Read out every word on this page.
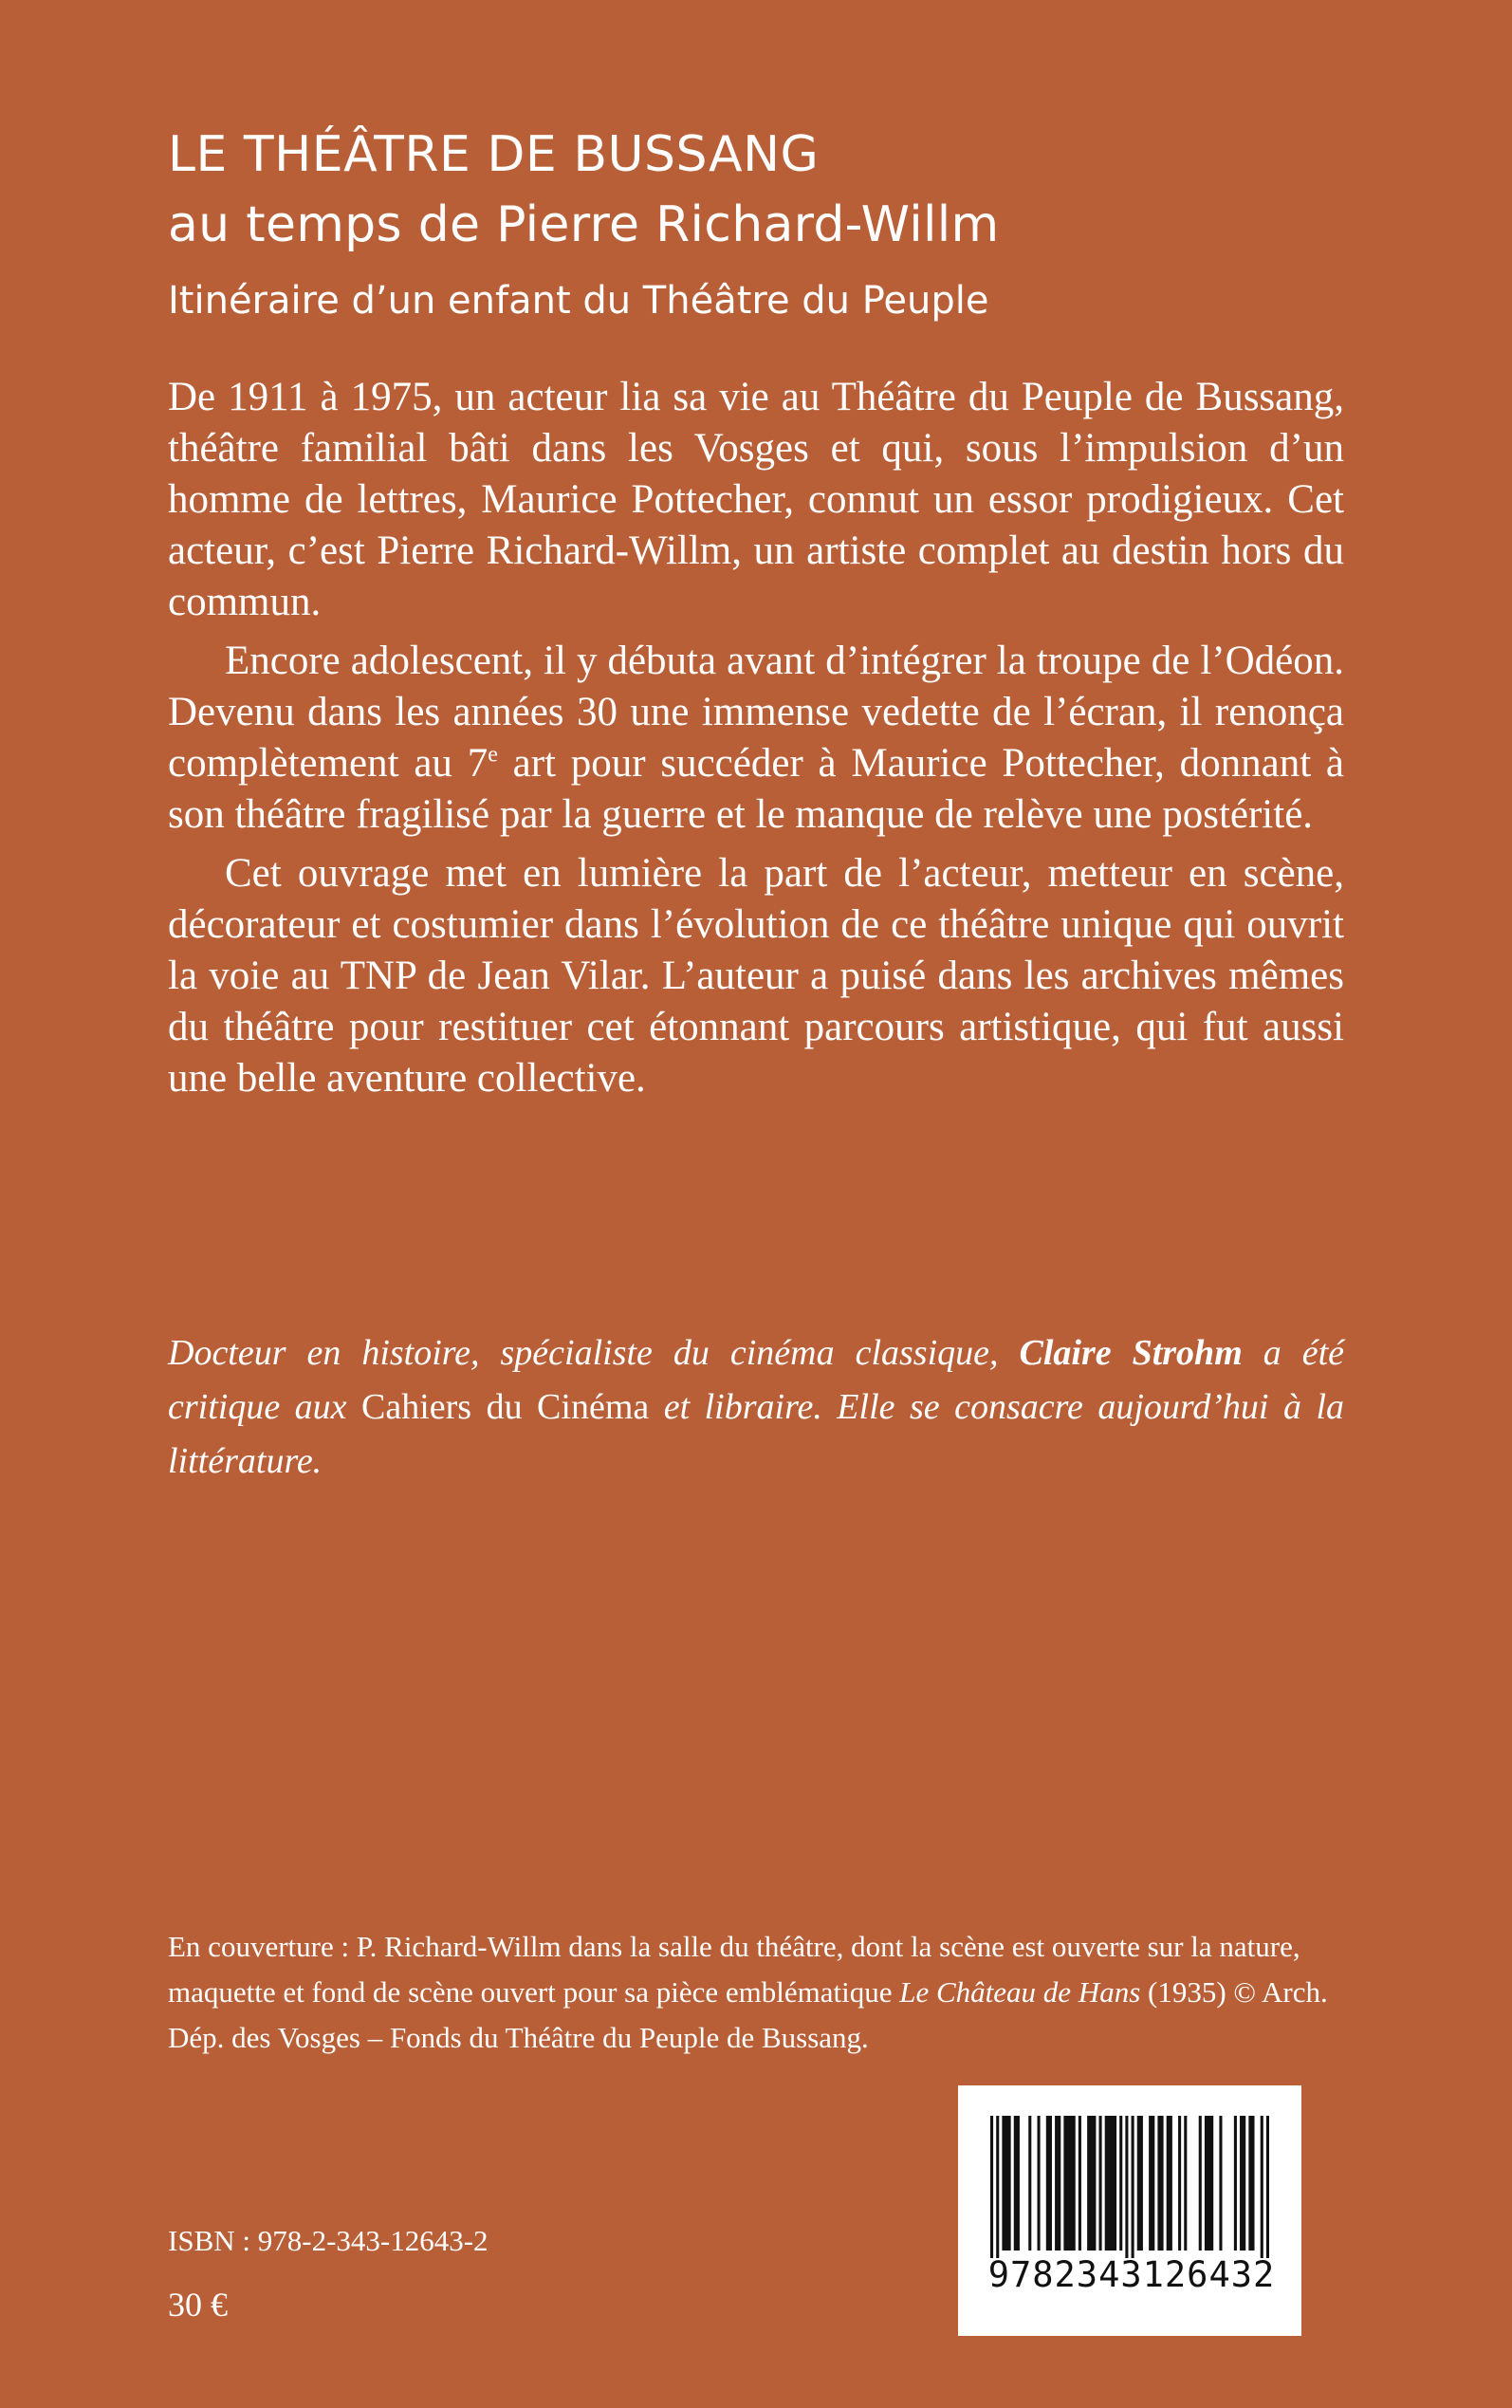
LE THÉÂTRE DE BUSSANG
au temps de Pierre Richard-Willm
Itinéraire d’un enfant du Théâtre du Peuple

De 1911 à 1975, un acteur lia sa vie au Théâtre du Peuple de Bussang, théâtre familial bâti dans les Vosges et qui, sous l’impulsion d’un homme de lettres, Maurice Pottecher, connut un essor prodigieux. Cet acteur, c’est Pierre Richard-Willm, un artiste complet au destin hors du commun.

Encore adolescent, il y débuta avant d’intégrer la troupe de l’Odéon. Devenu dans les années 30 une immense vedette de l’écran, il renonça complètement au 7e art pour succéder à Maurice Pottecher, donnant à son théâtre fragilisé par la guerre et le manque de relève une postérité.

Cet ouvrage met en lumière la part de l’acteur, metteur en scène, décorateur et costumier dans l’évolution de ce théâtre unique qui ouvrit la voie au TNP de Jean Vilar. L’auteur a puisé dans les archives mêmes du théâtre pour restituer cet étonnant parcours artistique, qui fut aussi une belle aventure collective.

Docteur en histoire, spécialiste du cinéma classique, Claire Strohm a été critique aux Cahiers du Cinéma et libraire. Elle se consacre aujourd’hui à la littérature.

En couverture : P. Richard-Willm dans la salle du théâtre, dont la scène est ouverte sur la nature, maquette et fond de scène ouvert pour sa pièce emblématique Le Château de Hans (1935) © Arch. Dép. des Vosges – Fonds du Théâtre du Peuple de Bussang.

ISBN : 978-2-343-12643-2
30 €
9782343126432
